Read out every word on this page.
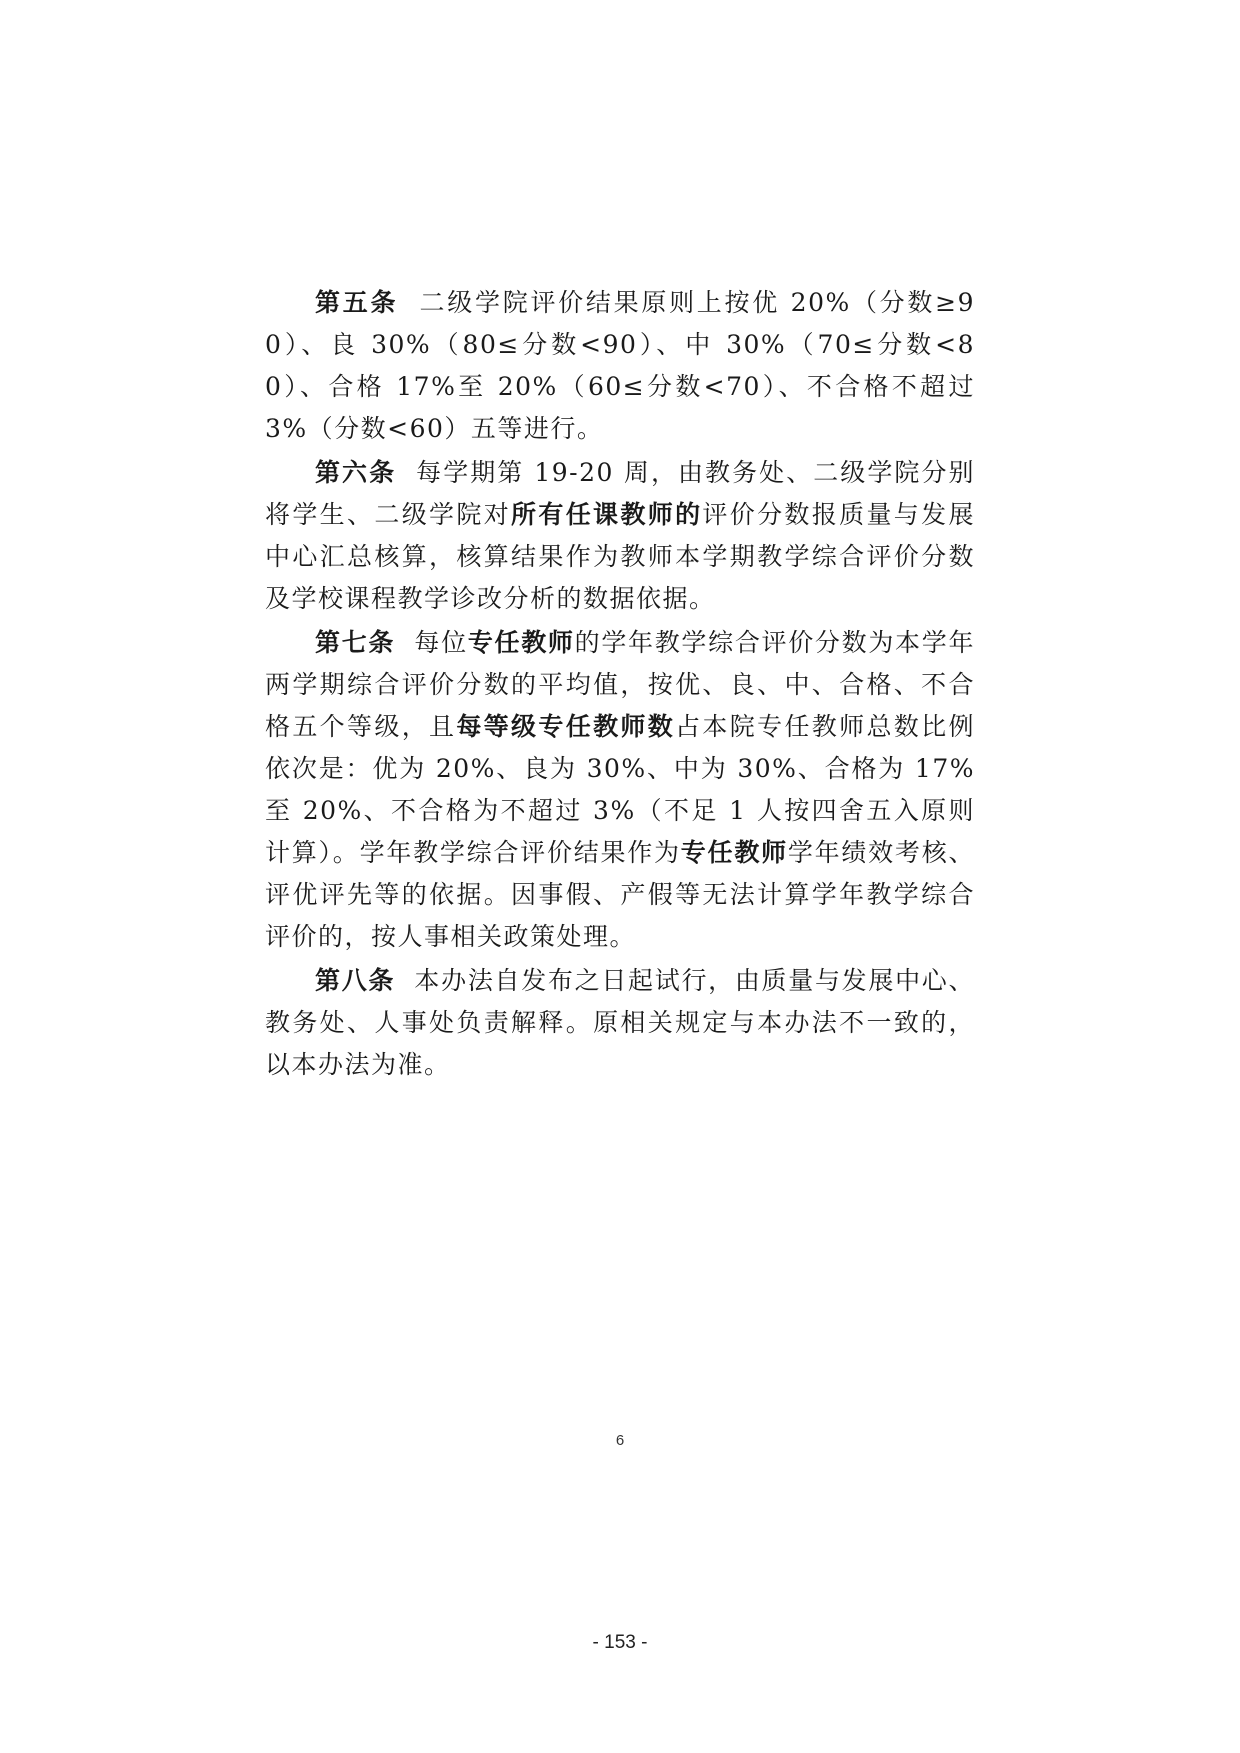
第五条 二级学院评价结果原则上按优 20%（分数≥90）、良 30%（80≤分数<90）、中 30%（70≤分数<80）、合格 17%至 20%（60≤分数<70）、不合格不超过 3%（分数<60）五等进行。

第六条 每学期第 19-20 周，由教务处、二级学院分别将学生、二级学院对所有任课教师的评价分数报质量与发展中心汇总核算，核算结果作为教师本学期教学综合评价分数及学校课程教学诊改分析的数据依据。

第七条 每位专任教师的学年教学综合评价分数为本学年两学期综合评价分数的平均值，按优、良、中、合格、不合格五个等级，且每等级专任教师数占本院专任教师总数比例依次是：优为 20%、良为 30%、中为 30%、合格为 17%至 20%、不合格为不超过 3%（不足 1 人按四舍五入原则计算）。学年教学综合评价结果作为专任教师学年绩效考核、评优评先等的依据。因事假、产假等无法计算学年教学综合评价的，按人事相关政策处理。

第八条 本办法自发布之日起试行，由质量与发展中心、教务处、人事处负责解释。原相关规定与本办法不一致的，以本办法为准。

6
- 153 -
